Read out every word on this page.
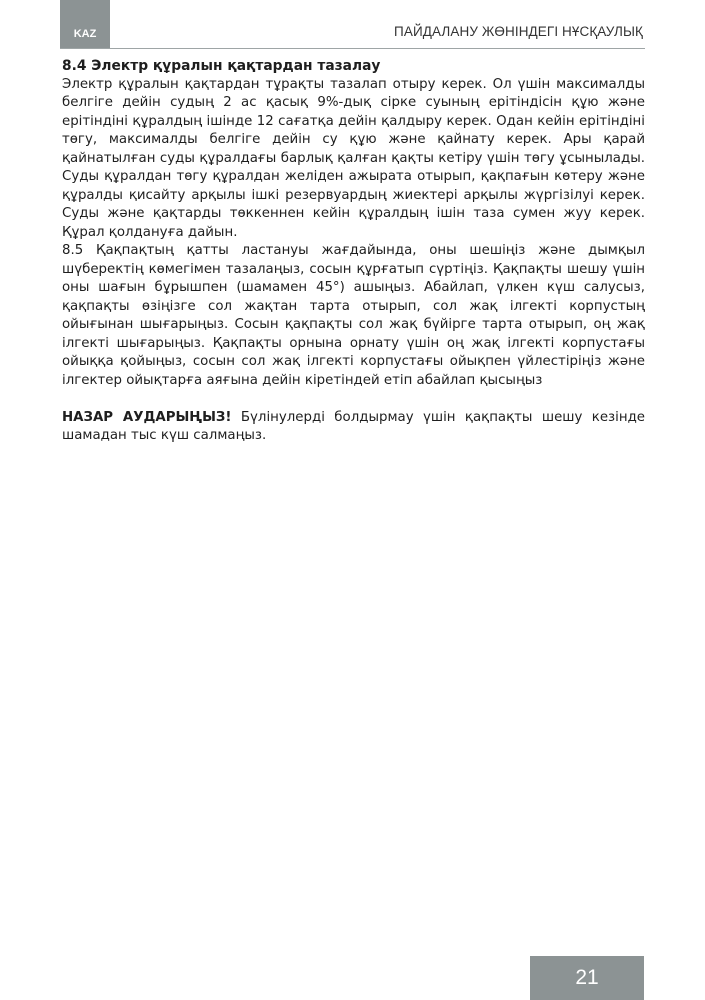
KAZ	ПАЙДАЛАНУ ЖӨНІНДЕГІ НҰСҚАУЛЫҚ

8.4 Электр құралын қақтардан тазалау

Электр құралын қақтардан тұрақты тазалап отыру керек. Ол үшін максималды белгіге дейін судың 2 ас қасық 9%-дық сірке суының ерітіндісін құю және ерітіндіні құралдың ішінде 12 сағатқа дейін қалдыру керек. Одан кейін ерітіндіні төгу, максималды белгіге дейін су құю және қайнату керек. Ары қарай қайнатылған суды құралдағы барлық қалған қақты кетіру үшін төгу ұсынылады. Суды құралдан төгу құралдан желіден ажырата отырып, қақпағын көтеру және құралды қисайту арқылы ішкі резервуардың жиектері арқылы жүргізілуі керек. Суды және қақтарды төккеннен кейін құралдың ішін таза сумен жуу керек. Құрал қолдануға дайын.

8.5 Қақпақтың қатты ластануы жағдайында, оны шешіңіз және дымқыл шүберектің көмегімен тазалаңыз, сосын құрғатып сүртіңіз. Қақпақты шешу үшін оны шағын бұрышпен (шамамен 45°) ашыңыз. Абайлап, үлкен күш салусыз, қақпақты өзіңізге сол жақтан тарта отырып, сол жақ ілгекті корпустың ойығынан шығарыңыз. Сосын қақпақты сол жақ бүйірге тарта отырып, оң жақ ілгекті шығарыңыз. Қақпақты орнына орнату үшін оң жақ ілгекті корпустағы ойыққа қойыңыз, сосын сол жақ ілгекті корпустағы ойықпен үйлестіріңіз және ілгектер ойықтарға аяғына дейін кіретіндей етіп абайлап қысыңыз

НАЗАР АУДАРЫҢЫЗ! Бүлінулерді болдырмау үшін қақпақты шешу кезінде шамадан тыс күш салмаңыз.

21
